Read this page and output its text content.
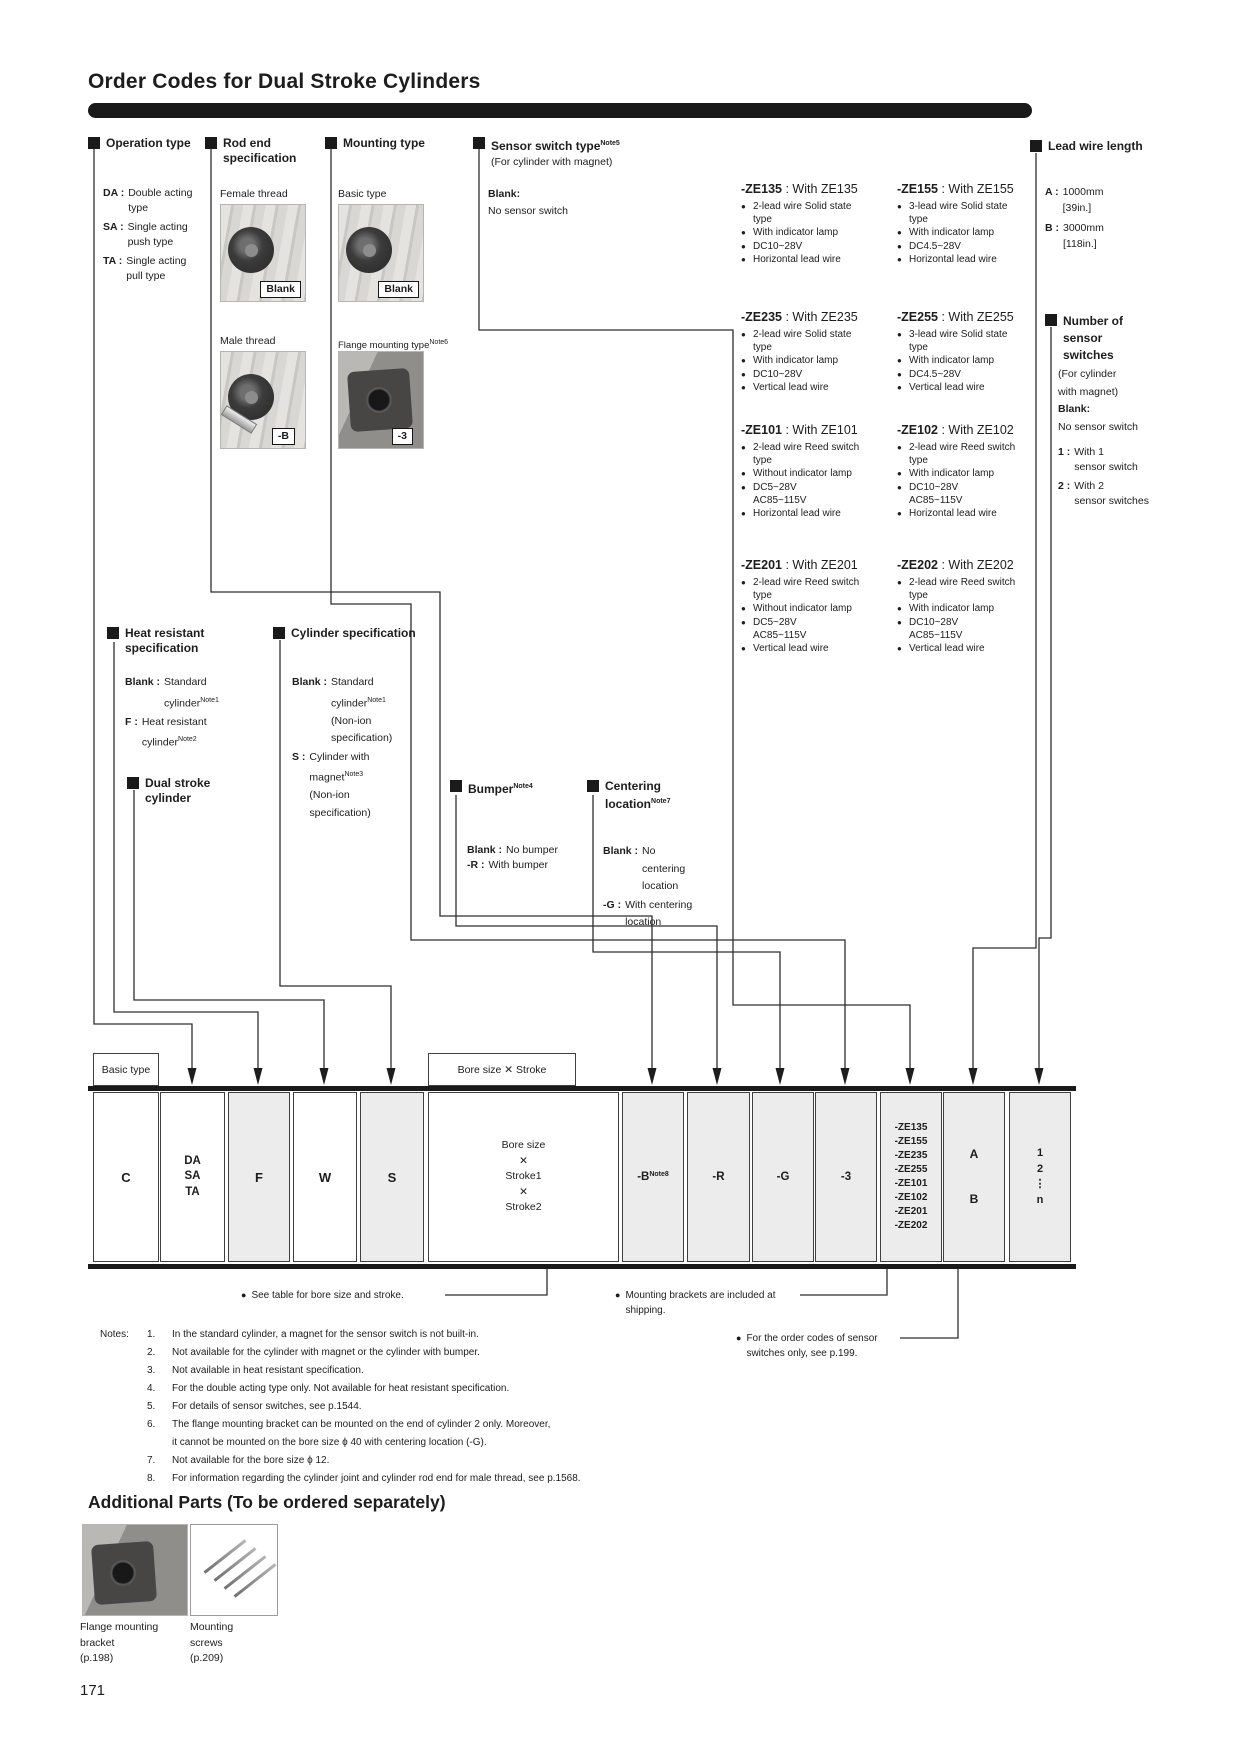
Order Codes for Dual Stroke Cylinders
Operation type
DA : Double acting
type
SA : Single acting
push type
TA : Single acting
pull type
Rod end
specification
Female thread
Blank
Male thread
-B
Mounting type
Basic type
Blank
Flange mounting type$^{Note6}$
-3
Sensor switch type$^{Note5}$
(For cylinder with magnet)
Blank:
No sensor switch
-ZE135 : With ZE135
● 2-lead wire Solid state type
● With indicator lamp
● DC10~28V
● Horizontal lead wire
-ZE235 : With ZE235
● 2-lead wire Solid state type
● With indicator lamp
● DC10~28V
● Vertical lead wire
-ZE101 : With ZE101
● 2-lead wire Reed switch type
● Without indicator lamp
● DC5~28V
AC85~115V
● Horizontal lead wire
-ZE201 : With ZE201
● 2-lead wire Reed switch type
● Without indicator lamp
● DC5~28V
AC85~115V
● Vertical lead wire
-ZE155 : With ZE155
● 3-lead wire Solid state type
● With indicator lamp
● DC4.5~28V
● Horizontal lead wire
-ZE255 : With ZE255
● 3-lead wire Solid state type
● With indicator lamp
● DC4.5~28V
● Vertical lead wire
-ZE102 : With ZE102
● 2-lead wire Reed switch type
● With indicator lamp
● DC10~28V
AC85~115V
● Horizontal lead wire
-ZE202 : With ZE202
● 2-lead wire Reed switch type
● With indicator lamp
● DC10~28V
AC85~115V
● Vertical lead wire
Lead wire length
A : 1000mm
[39in.]
B : 3000mm
[118in.]
Number of
sensor
switches
(For cylinder
with magnet)
Blank:
No sensor switch
1 : With 1
sensor switch
2 : With 2
sensor switches
Heat resistant
specification
Blank : Standard
cylinder$^{Note1}$
F : Heat resistant
cylinder$^{Note2}$
Cylinder specification
Blank : Standard
cylinder$^{Note1}$
(Non-ion
specification)
S : Cylinder with
magnet$^{Note3}$
(Non-ion
specification)
Dual stroke
cylinder
Bumper$^{Note4}$
Blank : No bumper
-R : With bumper
Centering
location$^{Note7}$
Blank : No
centering
location
-G : With centering
location
Basic type	Bore size ✕ Stroke
C
DA
SA
TA
F	W	S
Bore size
✕
Stroke1
✕
Stroke2
$-B^{Note8}$	-R	-G	-3
-ZE135
-ZE155
-ZE235
-ZE255
-ZE101
-ZE102
-ZE201
-ZE202
A
B
1
2
⋮
n
● See table for bore size and stroke.	● Mounting brackets are included at
shipping.
● For the order codes of sensor
switches only, see p.199.
Notes: 1.	In the standard cylinder, a magnet for the sensor switch is not built-in.
2.	Not available for the cylinder with magnet or the cylinder with bumper.
3.	Not available in heat resistant specification.
4.	For the double acting type only. Not available for heat resistant specification.
5.	For details of sensor switches, see p.1544.
6.	The flange mounting bracket can be mounted on the end of cylinder 2 only. Moreover,
it cannot be mounted on the bore size ϕ 40 with centering location (-G).
7.	Not available for the bore size ϕ 12.
8.	For information regarding the cylinder joint and cylinder rod end for male thread, see p.1568.
Additional Parts (To be ordered separately)
Flange mounting
bracket
(p.198)
Mounting
screws
(p.209)
171
